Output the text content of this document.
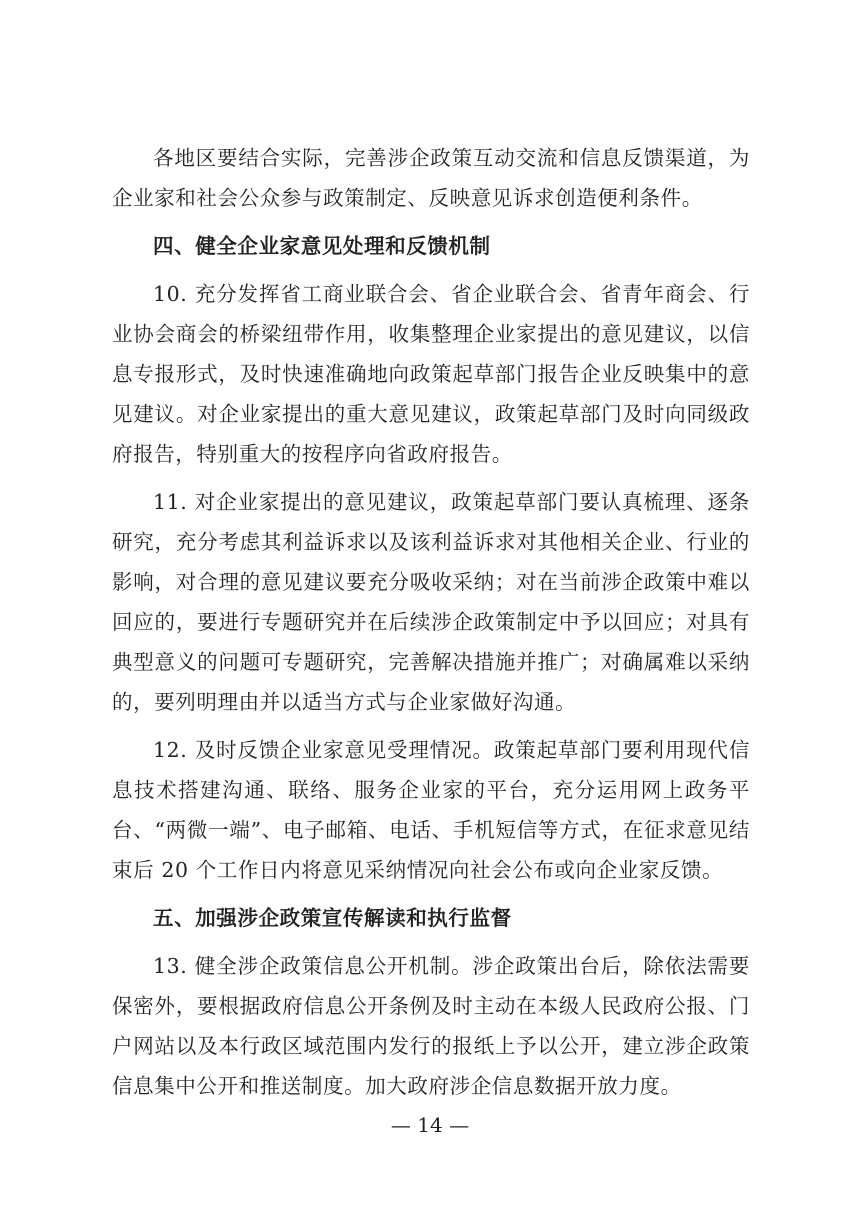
各地区要结合实际，完善涉企政策互动交流和信息反馈渠道，为企业家和社会公众参与政策制定、反映意见诉求创造便利条件。

四、健全企业家意见处理和反馈机制

10. 充分发挥省工商业联合会、省企业联合会、省青年商会、行业协会商会的桥梁纽带作用，收集整理企业家提出的意见建议，以信息专报形式，及时快速准确地向政策起草部门报告企业反映集中的意见建议。对企业家提出的重大意见建议，政策起草部门及时向同级政府报告，特别重大的按程序向省政府报告。

11. 对企业家提出的意见建议，政策起草部门要认真梳理、逐条研究，充分考虑其利益诉求以及该利益诉求对其他相关企业、行业的影响，对合理的意见建议要充分吸收采纳；对在当前涉企政策中难以回应的，要进行专题研究并在后续涉企政策制定中予以回应；对具有典型意义的问题可专题研究，完善解决措施并推广；对确属难以采纳的，要列明理由并以适当方式与企业家做好沟通。

12. 及时反馈企业家意见受理情况。政策起草部门要利用现代信息技术搭建沟通、联络、服务企业家的平台，充分运用网上政务平台、“两微一端”、电子邮箱、电话、手机短信等方式，在征求意见结束后 20 个工作日内将意见采纳情况向社会公布或向企业家反馈。

五、加强涉企政策宣传解读和执行监督

13. 健全涉企政策信息公开机制。涉企政策出台后，除依法需要保密外，要根据政府信息公开条例及时主动在本级人民政府公报、门户网站以及本行政区域范围内发行的报纸上予以公开，建立涉企政策信息集中公开和推送制度。加大政府涉企信息数据开放力度。

— 14 —
